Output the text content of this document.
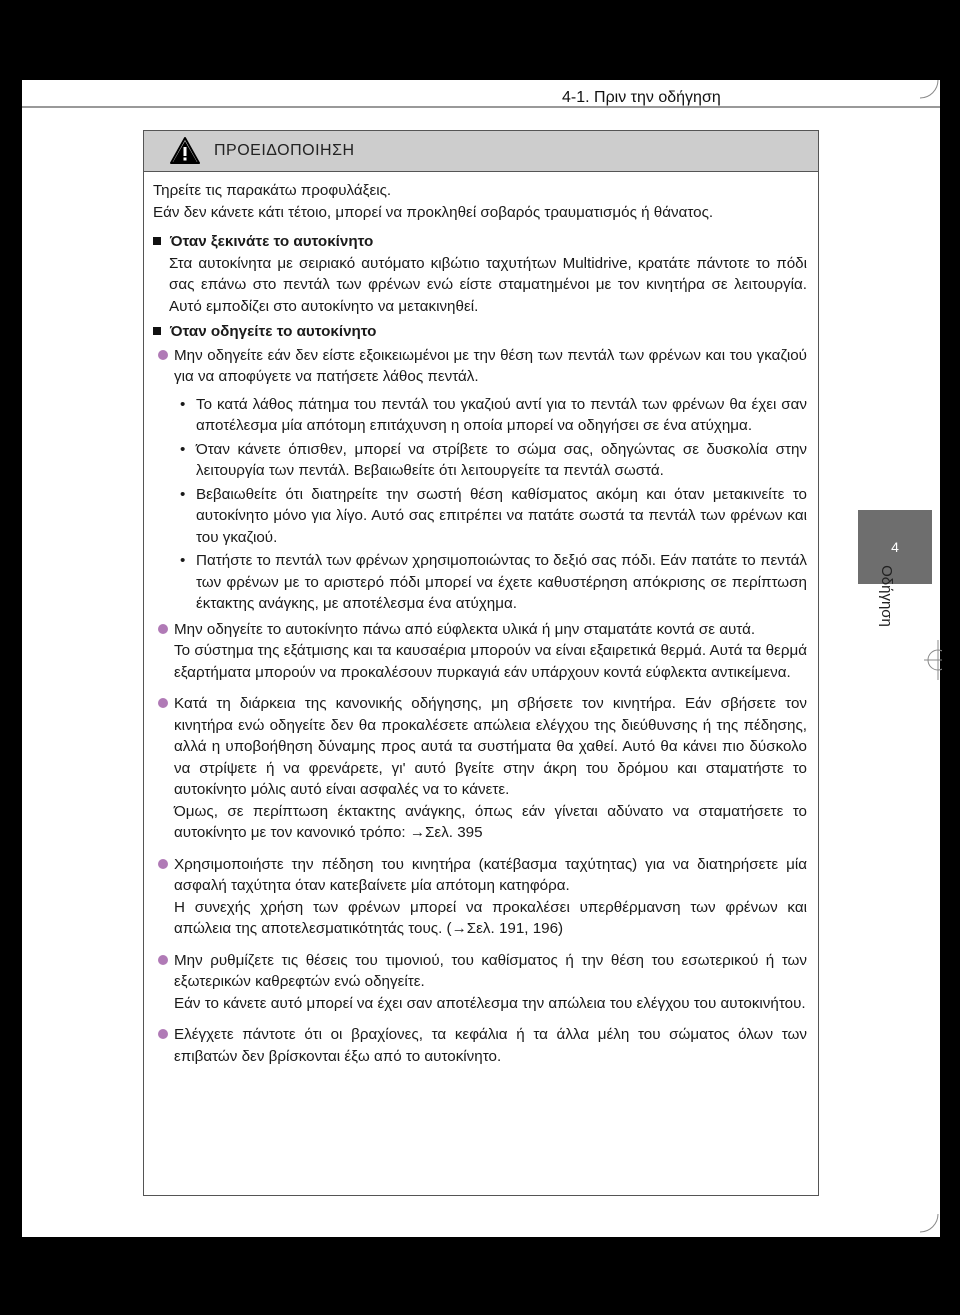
4-1. Πριν την οδήγηση
4
Οδήγηση
ΠΡΟΕΙΔΟΠΟΙΗΣΗ

Τηρείτε τις παρακάτω προφυλάξεις.

Εάν δεν κάνετε κάτι τέτοιο, μπορεί να προκληθεί σοβαρός τραυματισμός ή θάνατος.

Όταν ξεκινάτε το αυτοκίνητο

Στα αυτοκίνητα με σειριακό αυτόματο κιβώτιο ταχυτήτων Multidrive, κρατάτε πάντοτε το πόδι σας επάνω στο πεντάλ των φρένων ενώ είστε σταματημένοι με τον κινητήρα σε λειτουργία. Αυτό εμποδίζει στο αυτοκίνητο να μετακινηθεί.

Όταν οδηγείτε το αυτοκίνητο

Μην οδηγείτε εάν δεν είστε εξοικειωμένοι με την θέση των πεντάλ των φρένων και του γκαζιού για να αποφύγετε να πατήσετε λάθος πεντάλ.

• Το κατά λάθος πάτημα του πεντάλ του γκαζιού αντί για το πεντάλ των φρένων θα έχει σαν αποτέλεσμα μία απότομη επιτάχυνση η οποία μπορεί να οδηγήσει σε ένα ατύχημα.
• Όταν κάνετε όπισθεν, μπορεί να στρίβετε το σώμα σας, οδηγώντας σε δυσκολία στην λειτουργία των πεντάλ. Βεβαιωθείτε ότι λειτουργείτε τα πεντάλ σωστά.
• Βεβαιωθείτε ότι διατηρείτε την σωστή θέση καθίσματος ακόμη και όταν μετακινείτε το αυτοκίνητο μόνο για λίγο. Αυτό σας επιτρέπει να πατάτε σωστά τα πεντάλ των φρένων και του γκαζιού.
• Πατήστε το πεντάλ των φρένων χρησιμοποιώντας το δεξιό σας πόδι. Εάν πατάτε το πεντάλ των φρένων με το αριστερό πόδι μπορεί να έχετε καθυστέρηση απόκρισης σε περίπτωση έκτακτης ανάγκης, με αποτέλεσμα ένα ατύχημα.

Μην οδηγείτε το αυτοκίνητο πάνω από εύφλεκτα υλικά ή μην σταματάτε κοντά σε αυτά.

Το σύστημα της εξάτμισης και τα καυσαέρια μπορούν να είναι εξαιρετικά θερμά. Αυτά τα θερμά εξαρτήματα μπορούν να προκαλέσουν πυρκαγιά εάν υπάρχουν κοντά εύφλεκτα αντικείμενα.

Κατά τη διάρκεια της κανονικής οδήγησης, μη σβήσετε τον κινητήρα. Εάν σβήσετε τον κινητήρα ενώ οδηγείτε δεν θα προκαλέσετε απώλεια ελέγχου της διεύθυνσης ή της πέδησης, αλλά η υποβοήθηση δύναμης προς αυτά τα συστήματα θα χαθεί. Αυτό θα κάνει πιο δύσκολο να στρίψετε ή να φρενάρετε, γι' αυτό βγείτε στην άκρη του δρόμου και σταματήστε το αυτοκίνητο μόλις αυτό είναι ασφαλές να το κάνετε.

Όμως, σε περίπτωση έκτακτης ανάγκης, όπως εάν γίνεται αδύνατο να σταματήσετε το αυτοκίνητο με τον κανονικό τρόπο: →Σελ. 395

Χρησιμοποιήστε την πέδηση του κινητήρα (κατέβασμα ταχύτητας) για να διατηρήσετε μία ασφαλή ταχύτητα όταν κατεβαίνετε μία απότομη κατηφόρα.

Η συνεχής χρήση των φρένων μπορεί να προκαλέσει υπερθέρμανση των φρένων και απώλεια της αποτελεσματικότητάς τους. (→Σελ. 191, 196)

Μην ρυθμίζετε τις θέσεις του τιμονιού, του καθίσματος ή την θέση του εσωτερικού ή των εξωτερικών καθρεφτών ενώ οδηγείτε.

Εάν το κάνετε αυτό μπορεί να έχει σαν αποτέλεσμα την απώλεια του ελέγχου του αυτοκινήτου.

Ελέγχετε πάντοτε ότι οι βραχίονες, τα κεφάλια ή τα άλλα μέλη του σώματος όλων των επιβατών δεν βρίσκονται έξω από το αυτοκίνητο.
